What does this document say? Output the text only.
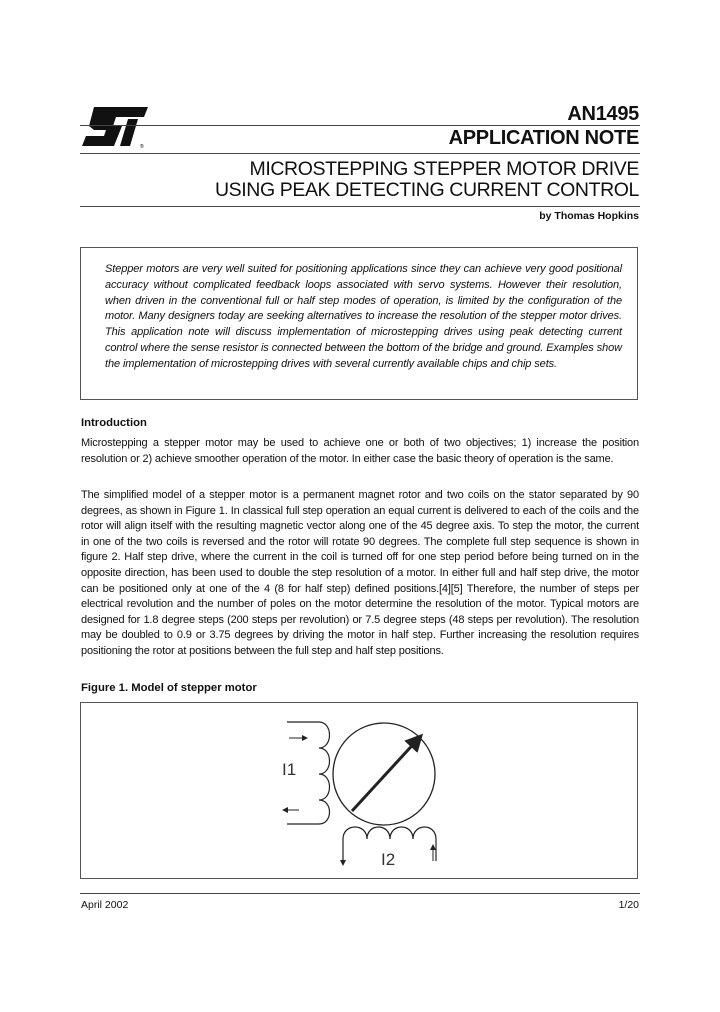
®
AN1495
APPLICATION NOTE
MICROSTEPPING STEPPER MOTOR DRIVE
USING PEAK DETECTING CURRENT CONTROL
by Thomas Hopkins
Stepper motors are very well suited for positioning applications since they can achieve very good positional accuracy without complicated feedback loops associated with servo systems. However their resolution, when driven in the conventional full or half step modes of operation, is limited by the configuration of the motor. Many designers today are seeking alternatives to increase the resolution of the stepper motor drives. This application note will discuss implementation of microstepping drives using peak detecting current control where the sense resistor is connected between the bottom of the bridge and ground. Examples show the implementation of microstepping drives with several currently available chips and chip sets.
Introduction
Microstepping a stepper motor may be used to achieve one or both of two objectives; 1) increase the position resolution or 2) achieve smoother operation of the motor. In either case the basic theory of operation is the same.
The simplified model of a stepper motor is a permanent magnet rotor and two coils on the stator separated by 90 degrees, as shown in Figure 1. In classical full step operation an equal current is delivered to each of the coils and the rotor will align itself with the resulting magnetic vector along one of the 45 degree axis. To step the motor, the current in one of the two coils is reversed and the rotor will rotate 90 degrees. The complete full step sequence is shown in figure 2. Half step drive, where the current in the coil is turned off for one step period before being turned on in the opposite direction, has been used to double the step resolution of a motor. In either full and half step drive, the motor can be positioned only at one of the 4 (8 for half step) defined positions.[4][5] Therefore, the number of steps per electrical revolution and the number of poles on the motor determine the resolution of the motor. Typical motors are designed for 1.8 degree steps (200 steps per revolution) or 7.5 degree steps (48 steps per revolution). The resolution may be doubled to 0.9 or 3.75 degrees by driving the motor in half step. Further increasing the resolution requires positioning the rotor at positions between the full step and half step positions.
Figure 1. Model of stepper motor
I1
I2
April 2002	1/20
